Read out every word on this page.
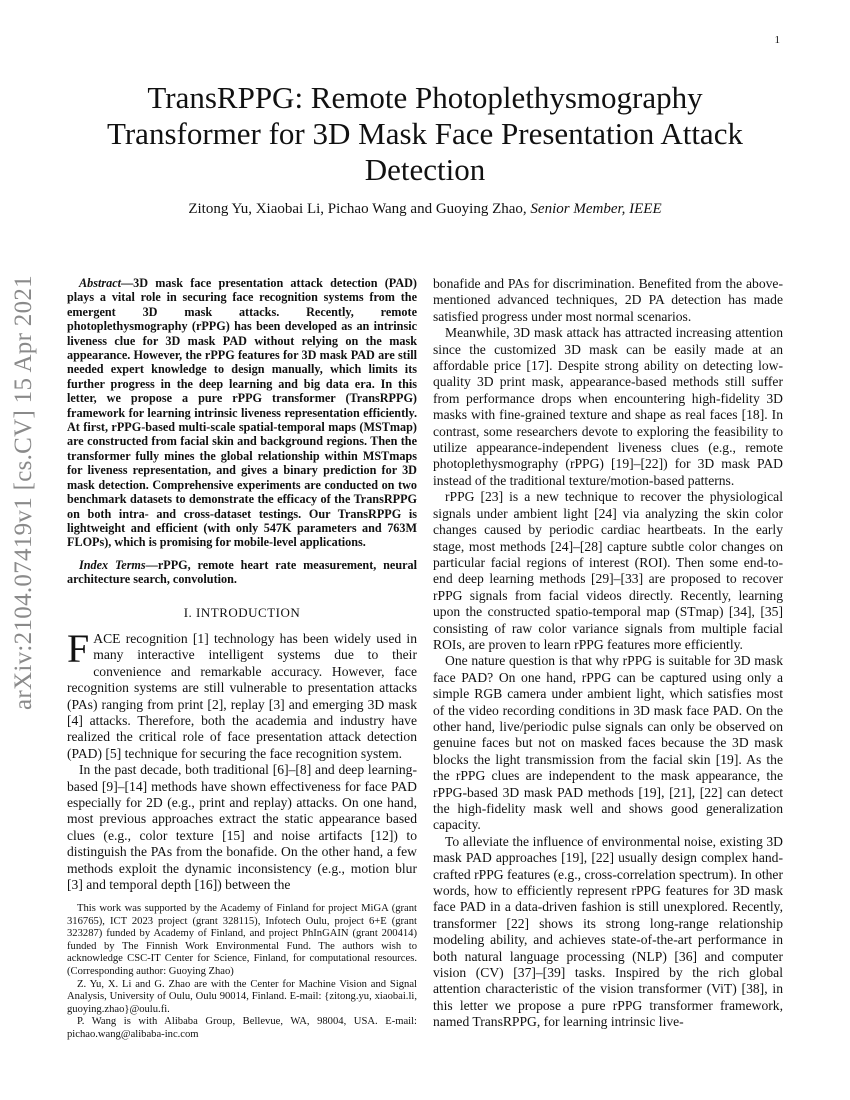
1
arXiv:2104.07419v1 [cs.CV] 15 Apr 2021
TransRPPG: Remote Photoplethysmography Transformer for 3D Mask Face Presentation Attack Detection

Zitong Yu, Xiaobai Li, Pichao Wang and Guoying Zhao, Senior Member, IEEE

Abstract—3D mask face presentation attack detection (PAD) plays a vital role in securing face recognition systems from the emergent 3D mask attacks. Recently, remote photoplethysmography (rPPG) has been developed as an intrinsic liveness clue for 3D mask PAD without relying on the mask appearance. However, the rPPG features for 3D mask PAD are still needed expert knowledge to design manually, which limits its further progress in the deep learning and big data era. In this letter, we propose a pure rPPG transformer (TransRPPG) framework for learning intrinsic liveness representation efficiently. At first, rPPG-based multi-scale spatial-temporal maps (MSTmap) are constructed from facial skin and background regions. Then the transformer fully mines the global relationship within MSTmaps for liveness representation, and gives a binary prediction for 3D mask detection. Comprehensive experiments are conducted on two benchmark datasets to demonstrate the efficacy of the TransRPPG on both intra- and cross-dataset testings. Our TransRPPG is lightweight and efficient (with only 547K parameters and 763M FLOPs), which is promising for mobile-level applications.

Index Terms—rPPG, remote heart rate measurement, neural architecture search, convolution.

I. INTRODUCTION

FACE recognition [1] technology has been widely used in many interactive intelligent systems due to their convenience and remarkable accuracy. However, face recognition systems are still vulnerable to presentation attacks (PAs) ranging from print [2], replay [3] and emerging 3D mask [4] attacks. Therefore, both the academia and industry have realized the critical role of face presentation attack detection (PAD) [5] technique for securing the face recognition system.

In the past decade, both traditional [6]–[8] and deep learning-based [9]–[14] methods have shown effectiveness for face PAD especially for 2D (e.g., print and replay) attacks. On one hand, most previous approaches extract the static appearance based clues (e.g., color texture [15] and noise artifacts [12]) to distinguish the PAs from the bonafide. On the other hand, a few methods exploit the dynamic inconsistency (e.g., motion blur [3] and temporal depth [16]) between the

bonafide and PAs for discrimination. Benefited from the above-mentioned advanced techniques, 2D PA detection has made satisfied progress under most normal scenarios.

Meanwhile, 3D mask attack has attracted increasing attention since the customized 3D mask can be easily made at an affordable price [17]. Despite strong ability on detecting low-quality 3D print mask, appearance-based methods still suffer from performance drops when encountering high-fidelity 3D masks with fine-grained texture and shape as real faces [18]. In contrast, some researchers devote to exploring the feasibility to utilize appearance-independent liveness clues (e.g., remote photoplethysmography (rPPG) [19]–[22]) for 3D mask PAD instead of the traditional texture/motion-based patterns.

rPPG [23] is a new technique to recover the physiological signals under ambient light [24] via analyzing the skin color changes caused by periodic cardiac heartbeats. In the early stage, most methods [24]–[28] capture subtle color changes on particular facial regions of interest (ROI). Then some end-to-end deep learning methods [29]–[33] are proposed to recover rPPG signals from facial videos directly. Recently, learning upon the constructed spatio-temporal map (STmap) [34], [35] consisting of raw color variance signals from multiple facial ROIs, are proven to learn rPPG features more efficiently.

One nature question is that why rPPG is suitable for 3D mask face PAD? On one hand, rPPG can be captured using only a simple RGB camera under ambient light, which satisfies most of the video recording conditions in 3D mask face PAD. On the other hand, live/periodic pulse signals can only be observed on genuine faces but not on masked faces because the 3D mask blocks the light transmission from the facial skin [19]. As the the rPPG clues are independent to the mask appearance, the rPPG-based 3D mask PAD methods [19], [21], [22] can detect the high-fidelity mask well and shows good generalization capacity.

To alleviate the influence of environmental noise, existing 3D mask PAD approaches [19], [22] usually design complex hand-crafted rPPG features (e.g., cross-correlation spectrum). In other words, how to efficiently represent rPPG features for 3D mask face PAD in a data-driven fashion is still unexplored. Recently, transformer [22] shows its strong long-range relationship modeling ability, and achieves state-of-the-art performance in both natural language processing (NLP) [36] and computer vision (CV) [37]–[39] tasks. Inspired by the rich global attention characteristic of the vision transformer (ViT) [38], in this letter we propose a pure rPPG transformer framework, named TransRPPG, for learning intrinsic live-

This work was supported by the Academy of Finland for project MiGA (grant 316765), ICT 2023 project (grant 328115), Infotech Oulu, project 6+E (grant 323287) funded by Academy of Finland, and project PhInGAIN (grant 200414) funded by The Finnish Work Environmental Fund. The authors wish to acknowledge CSC-IT Center for Science, Finland, for computational resources. (Corresponding author: Guoying Zhao)

Z. Yu, X. Li and G. Zhao are with the Center for Machine Vision and Signal Analysis, University of Oulu, Oulu 90014, Finland. E-mail: {zitong.yu, xiaobai.li, guoying.zhao}@oulu.fi.

P. Wang is with Alibaba Group, Bellevue, WA, 98004, USA. E-mail: pichao.wang@alibaba-inc.com
